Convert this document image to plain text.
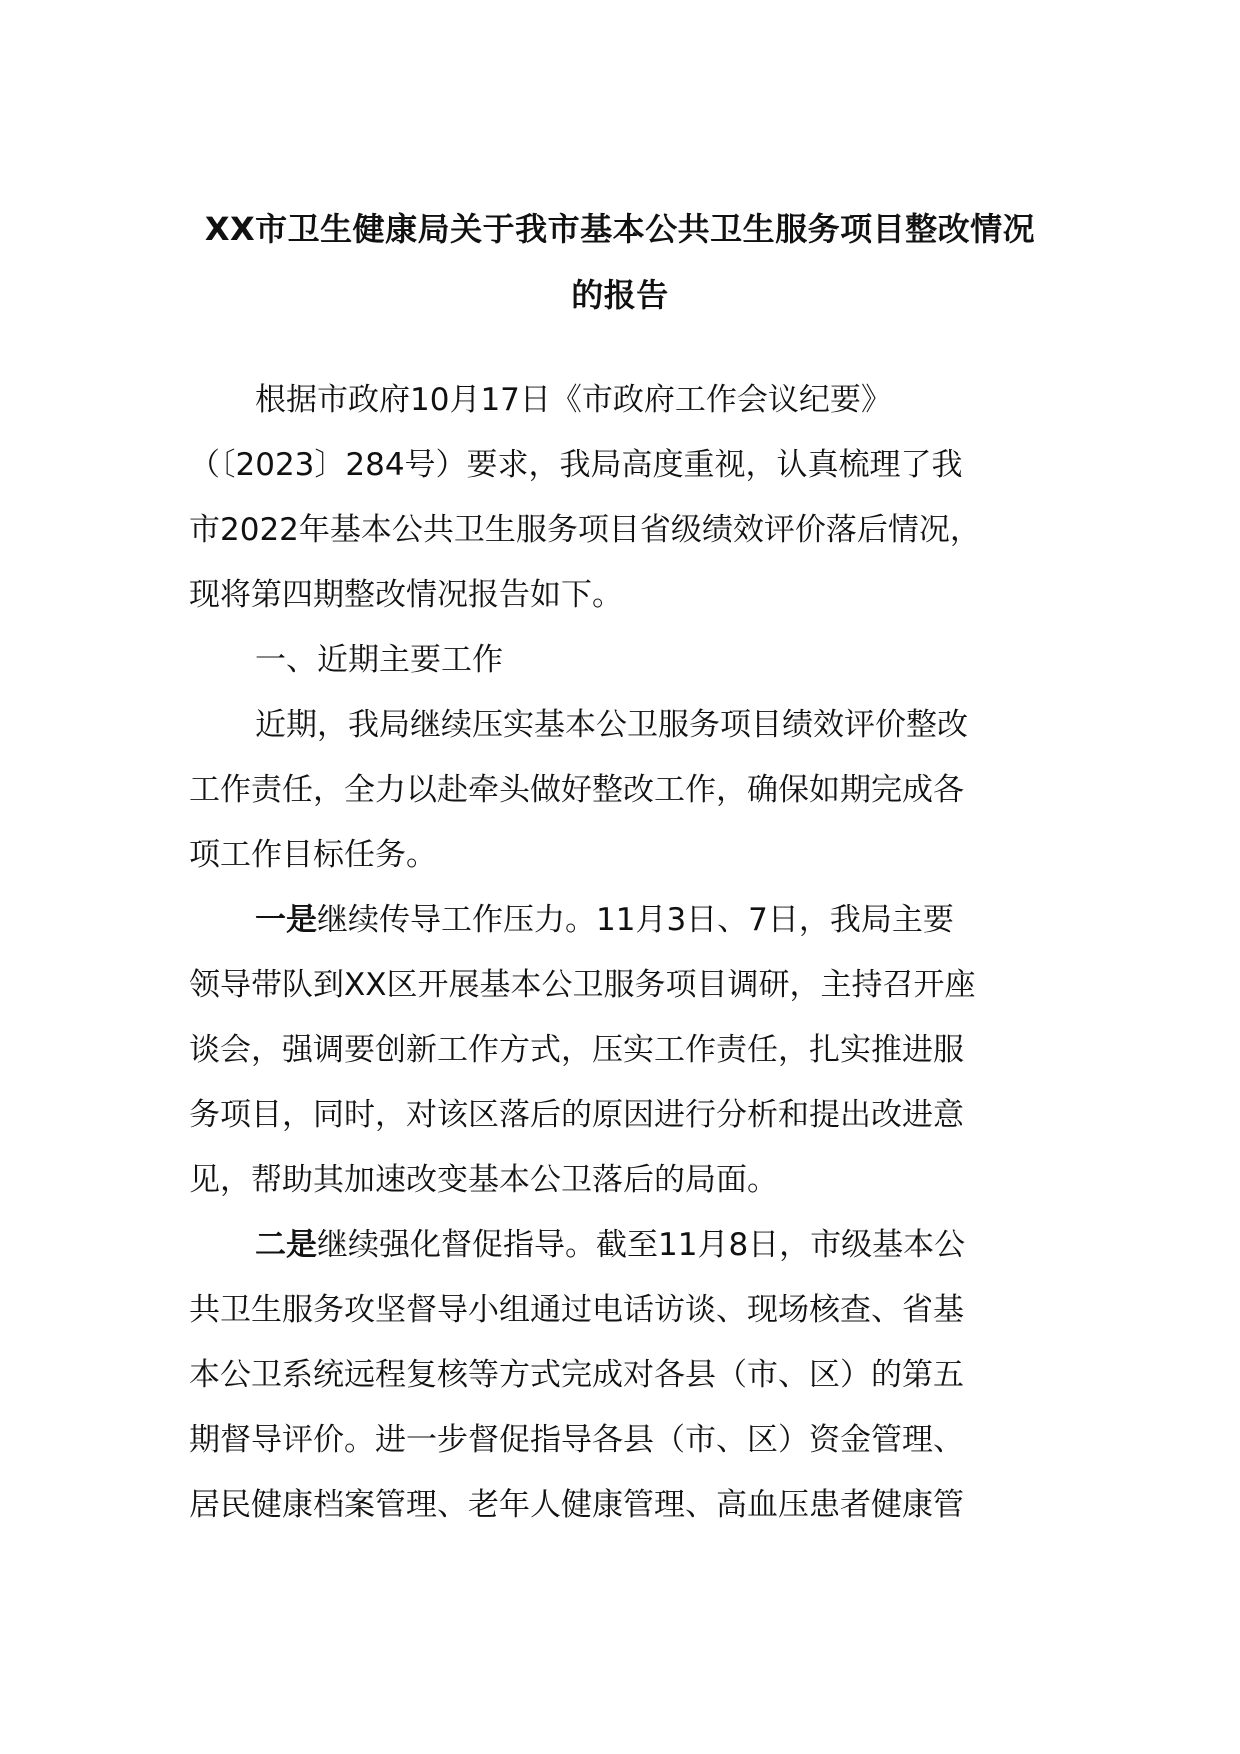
XX市卫生健康局关于我市基本公共卫生服务项目整改情况
的报告
根据市政府10月17日《市政府工作会议纪要》
（〔2023〕284号）要求，我局高度重视，认真梳理了我
市2022年基本公共卫生服务项目省级绩效评价落后情况，
现将第四期整改情况报告如下。
一、近期主要工作
近期，我局继续压实基本公卫服务项目绩效评价整改
工作责任，全力以赴牵头做好整改工作，确保如期完成各
项工作目标任务。
一是继续传导工作压力。11月3日、7日，我局主要
领导带队到XX区开展基本公卫服务项目调研，主持召开座
谈会，强调要创新工作方式，压实工作责任，扎实推进服
务项目，同时，对该区落后的原因进行分析和提出改进意
见，帮助其加速改变基本公卫落后的局面。
二是继续强化督促指导。截至11月8日，市级基本公
共卫生服务攻坚督导小组通过电话访谈、现场核查、省基
本公卫系统远程复核等方式完成对各县（市、区）的第五
期督导评价。进一步督促指导各县（市、区）资金管理、
居民健康档案管理、老年人健康管理、高血压患者健康管
